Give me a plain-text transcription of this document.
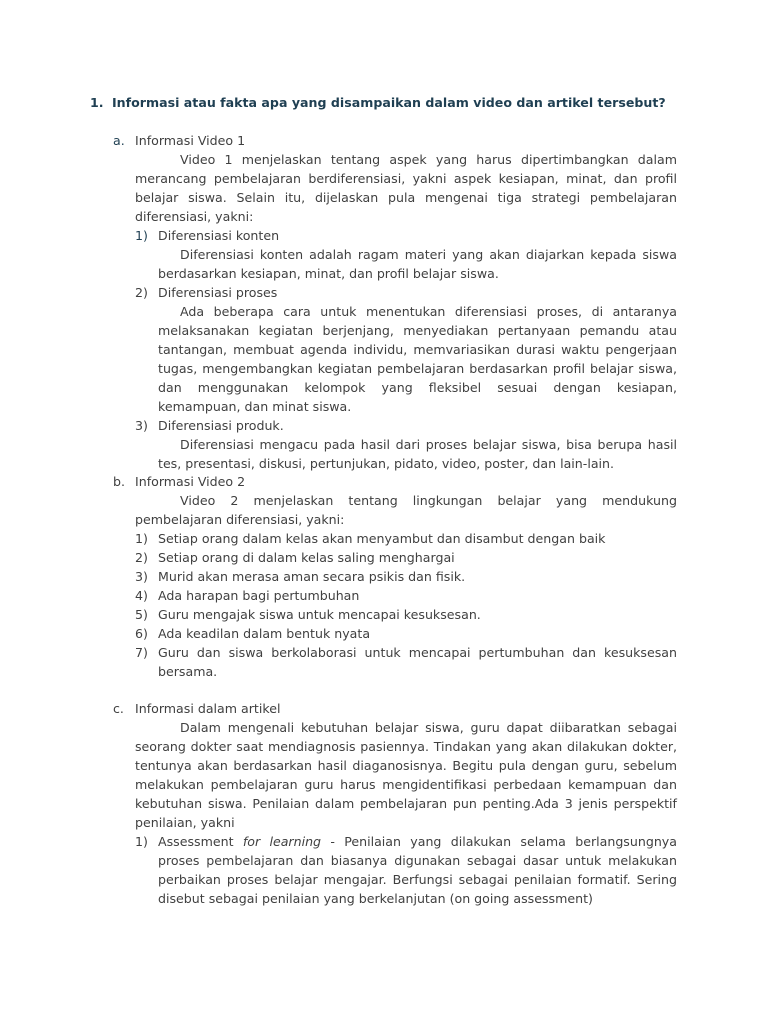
1. Informasi atau fakta apa yang disampaikan dalam video dan artikel tersebut?
a. Informasi Video 1
Video 1 menjelaskan tentang aspek yang harus dipertimbangkan dalam merancang pembelajaran berdiferensiasi, yakni aspek kesiapan, minat, dan profil belajar siswa. Selain itu, dijelaskan pula mengenai tiga strategi pembelajaran diferensiasi, yakni:
1) Diferensiasi konten
Diferensiasi konten adalah ragam materi yang akan diajarkan kepada siswa berdasarkan kesiapan, minat, dan profil belajar siswa.
2) Diferensiasi proses
Ada beberapa cara untuk menentukan diferensiasi proses, di antaranya melaksanakan kegiatan berjenjang, menyediakan pertanyaan pemandu atau tantangan, membuat agenda individu, memvariasikan durasi waktu pengerjaan tugas, mengembangkan kegiatan pembelajaran berdasarkan profil belajar siswa, dan menggunakan kelompok yang fleksibel sesuai dengan kesiapan, kemampuan, dan minat siswa.
3) Diferensiasi produk.
Diferensiasi mengacu pada hasil dari proses belajar siswa, bisa berupa hasil tes, presentasi, diskusi, pertunjukan, pidato, video, poster, dan lain-lain.
b. Informasi Video 2
Video 2 menjelaskan tentang lingkungan belajar yang mendukung pembelajaran diferensiasi, yakni:
1) Setiap orang dalam kelas akan menyambut dan disambut dengan baik
2) Setiap orang di dalam kelas saling menghargai
3) Murid akan merasa aman secara psikis dan fisik.
4) Ada harapan bagi pertumbuhan
5) Guru mengajak siswa untuk mencapai kesuksesan.
6) Ada keadilan dalam bentuk nyata
7) Guru dan siswa berkolaborasi untuk mencapai pertumbuhan dan kesuksesan bersama.
c. Informasi dalam artikel
Dalam mengenali kebutuhan belajar siswa, guru dapat diibaratkan sebagai seorang dokter saat mendiagnosis pasiennya. Tindakan yang akan dilakukan dokter, tentunya akan berdasarkan hasil diaganosisnya. Begitu pula dengan guru, sebelum melakukan pembelajaran guru harus mengidentifikasi perbedaan kemampuan dan kebutuhan siswa. Penilaian dalam pembelajaran pun penting.Ada 3 jenis perspektif penilaian, yakni
1) Assessment for learning - Penilaian yang dilakukan selama berlangsungnya proses pembelajaran dan biasanya digunakan sebagai dasar untuk melakukan perbaikan proses belajar mengajar. Berfungsi sebagai penilaian formatif. Sering disebut sebagai penilaian yang berkelanjutan (on going assessment)
